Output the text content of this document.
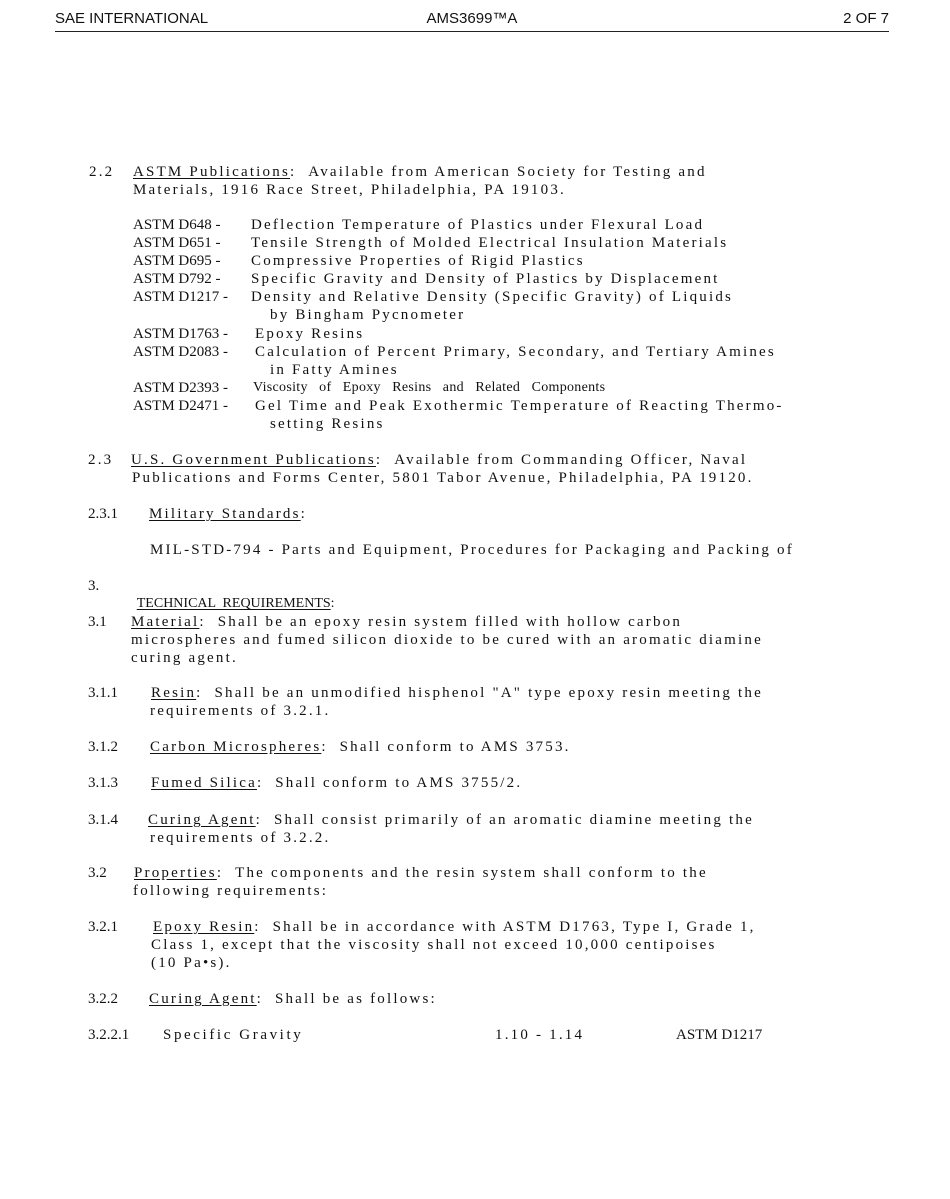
SAE INTERNATIONAL	AMS3699™A	2 OF 7
2.2 ASTM Publications: Available from American Society for Testing and
Materials, 1916 Race Street, Philadelphia, PA 19103.
ASTM D648 - Deflection Temperature of Plastics under Flexural Load
ASTM D651 - Tensile Strength of Molded Electrical Insulation Materials
ASTM D695 - Compressive Properties of Rigid Plastics
ASTM D792 - Specific Gravity and Density of Plastics by Displacement
ASTM D1217 - Density and Relative Density (Specific Gravity) of Liquids
by Bingham Pycnometer
ASTM D1763 - Epoxy Resins
ASTM D2083 - Calculation of Percent Primary, Secondary, and Tertiary Amines
in Fatty Amines
ASTM D2393 - Viscosity   of   Epoxy   Resins   and   Related   Components
ASTM D2471 - Gel Time and Peak Exothermic Temperature of Reacting Thermo-
setting Resins
2.3 U.S. Government Publications: Available from Commanding Officer, Naval
Publications and Forms Center, 5801 Tabor Avenue, Philadelphia, PA 19120.
2.3.1 Military Standards:
MIL-STD-794 - Parts and Equipment, Procedures for Packaging and Packing of
3.

TECHNICAL  REQUIREMENTS:

3.1 Material: Shall be an epoxy resin system filled with hollow carbon
microspheres and fumed silicon dioxide to be cured with an aromatic diamine
curing agent.
3.1.1 Resin: Shall be an unmodified hisphenol "A" type epoxy resin meeting the
requirements of 3.2.1.
3.1.2 Carbon Microspheres: Shall conform to AMS 3753.
3.1.3 Fumed Silica: Shall conform to AMS 3755/2.
3.1.4 Curing Agent: Shall consist primarily of an aromatic diamine meeting the
requirements of 3.2.2.
3.2 Properties: The components and the resin system shall conform to the
following requirements:
3.2.1 Epoxy Resin: Shall be in accordance with ASTM D1763, Type I, Grade 1,
Class 1, except that the viscosity shall not exceed 10,000 centipoises
(10 Pa•s).
3.2.2 Curing Agent: Shall be as follows:
3.2.2.1 Specific Gravity	1.10 - 1.14	ASTM D1217
